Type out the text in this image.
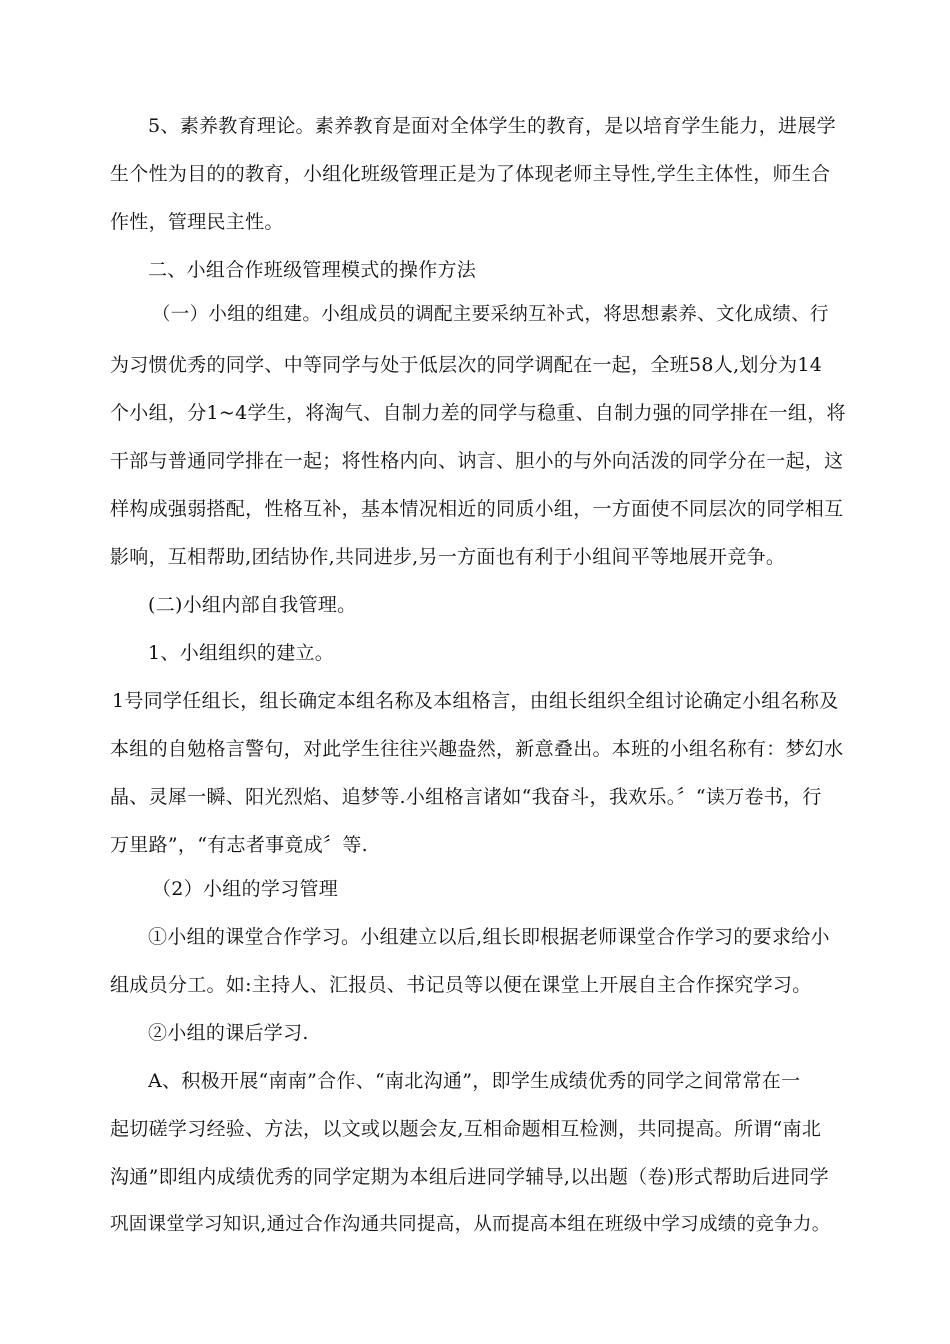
5、素养教育理论。素养教育是面对全体学生的教育，是以培育学生能力，进展学
生个性为目的的教育，小组化班级管理正是为了体现老师主导性,学生主体性，师生合
作性，管理民主性。
二、小组合作班级管理模式的操作方法
（一）小组的组建。小组成员的调配主要采纳互补式，将思想素养、文化成绩、行
为习惯优秀的同学、中等同学与处于低层次的同学调配在一起，全班58人,划分为14
个小组，分1~4学生，将淘气、自制力差的同学与稳重、自制力强的同学排在一组，将
干部与普通同学排在一起；将性格内向、讷言、胆小的与外向活泼的同学分在一起，这
样构成强弱搭配，性格互补，基本情况相近的同质小组，一方面使不同层次的同学相互
影响，互相帮助,团结协作,共同进步,另一方面也有利于小组间平等地展开竞争。
(二)小组内部自我管理。
1、小组组织的建立。
1号同学任组长，组长确定本组名称及本组格言，由组长组织全组讨论确定小组名称及
本组的自勉格言警句，对此学生往往兴趣盎然，新意叠出。本班的小组名称有：梦幻水
晶、灵犀一瞬、阳光烈焰、追梦等.小组格言诸如“我奋斗，我欢乐。〞“读万卷书，行
万里路”，“有志者事竟成〞等.
（2）小组的学习管理
①小组的课堂合作学习。小组建立以后,组长即根据老师课堂合作学习的要求给小
组成员分工。如:主持人、汇报员、书记员等以便在课堂上开展自主合作探究学习。
②小组的课后学习.
A、积极开展“南南”合作、“南北沟通”，即学生成绩优秀的同学之间常常在一
起切磋学习经验、方法，以文或以题会友,互相命题相互检测，共同提高。所谓“南北
沟通”即组内成绩优秀的同学定期为本组后进同学辅导,以出题（卷)形式帮助后进同学
巩固课堂学习知识,通过合作沟通共同提高，从而提高本组在班级中学习成绩的竞争力。
